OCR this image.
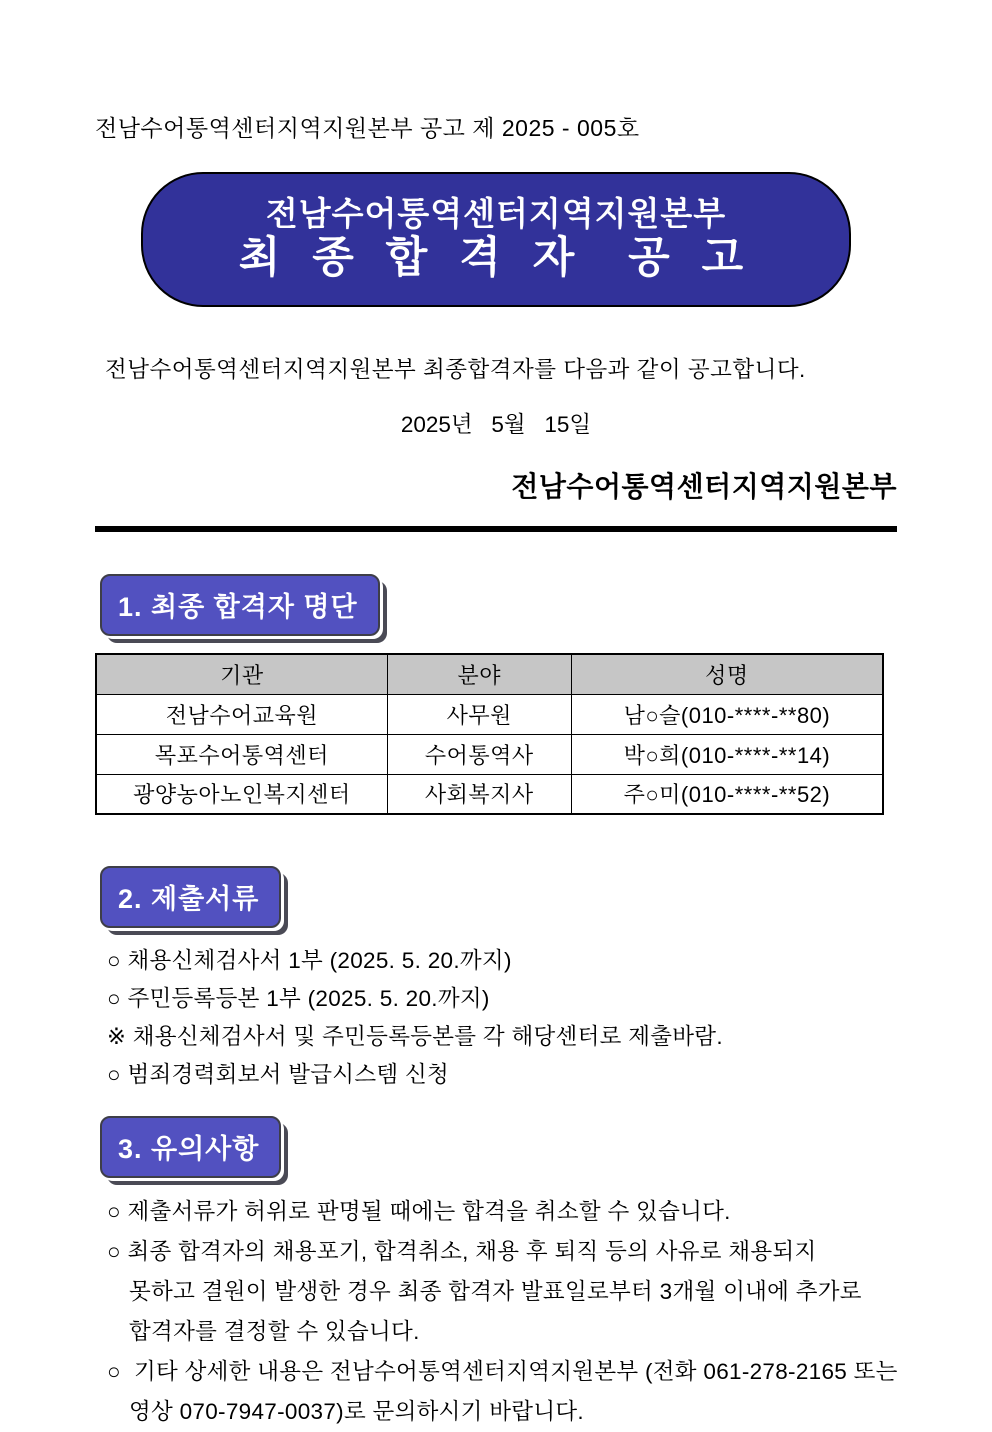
전남수어통역센터지역지원본부 공고 제 2025 - 005호
전남수어통역센터지역지원본부
최 종 합 격 자  공 고
전남수어통역센터지역지원본부 최종합격자를 다음과 같이 공고합니다.
2025년   5월   15일
전남수어통역센터지역지원본부
1. 최종 합격자 명단
기관	분야	성명
전남수어교육원	사무원	남○슬(010-****-**80)
목포수어통역센터	수어통역사	박○희(010-****-**14)
광양농아노인복지센터	사회복지사	주○미(010-****-**52)
2. 제출서류
○ 채용신체검사서 1부 (2025. 5. 20.까지)
○ 주민등록등본 1부 (2025. 5. 20.까지)
※ 채용신체검사서 및 주민등록등본를 각 해당센터로 제출바람.
○ 범죄경력회보서 발급시스템 신청
3. 유의사항
○ 제출서류가 허위로 판명될 때에는 합격을 취소할 수 있습니다.
○ 최종 합격자의 채용포기, 합격취소, 채용 후 퇴직 등의 사유로 채용되지
못하고 결원이 발생한 경우 최종 합격자 발표일로부터 3개월 이내에 추가로
합격자를 결정할 수 있습니다.
○  기타 상세한 내용은 전남수어통역센터지역지원본부 (전화 061-278-2165 또는
영상 070-7947-0037)로 문의하시기 바랍니다.
